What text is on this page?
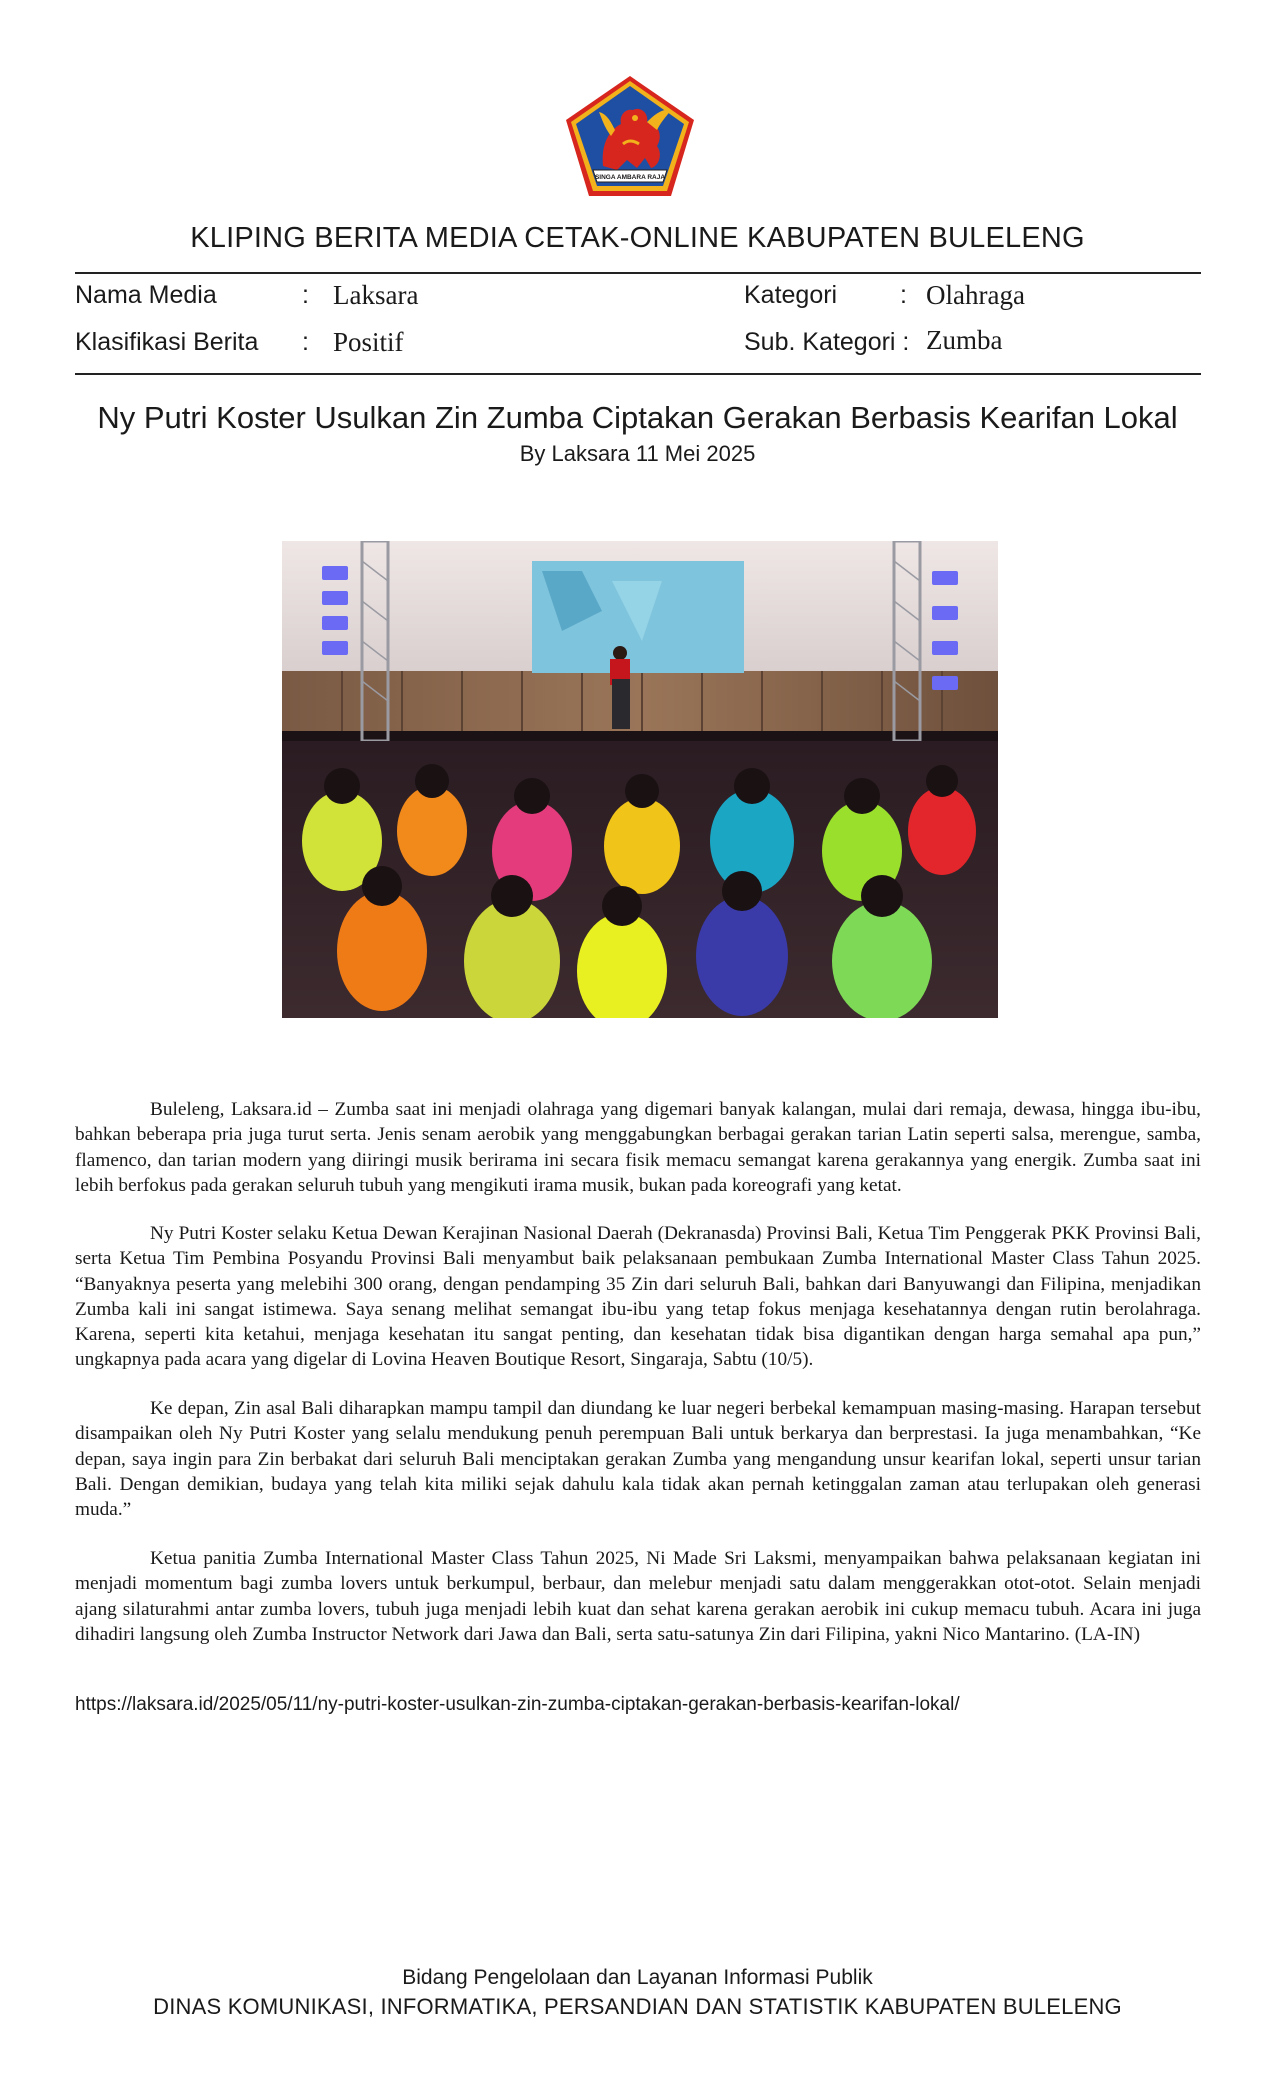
SINGA AMBARA RAJA
KLIPING BERITA MEDIA CETAK-ONLINE KABUPATEN BULELENG
Nama Media	: Laksara
Klasifikasi Berita : Positif
Kategori	: Olahraga
Sub. Kategori : Zumba
Ny Putri Koster Usulkan Zin Zumba Ciptakan Gerakan Berbasis Kearifan Lokal
By Laksara 11 Mei 2025

Buleleng, Laksara.id – Zumba saat ini menjadi olahraga yang digemari banyak kalangan, mulai dari remaja, dewasa, hingga ibu-ibu, bahkan beberapa pria juga turut serta. Jenis senam aerobik yang menggabungkan berbagai gerakan tarian Latin seperti salsa, merengue, samba, flamenco, dan tarian modern yang diiringi musik berirama ini secara fisik memacu semangat karena gerakannya yang energik. Zumba saat ini lebih berfokus pada gerakan seluruh tubuh yang mengikuti irama musik, bukan pada koreografi yang ketat.

Ny Putri Koster selaku Ketua Dewan Kerajinan Nasional Daerah (Dekranasda) Provinsi Bali, Ketua Tim Penggerak PKK Provinsi Bali, serta Ketua Tim Pembina Posyandu Provinsi Bali menyambut baik pelaksanaan pembukaan Zumba International Master Class Tahun 2025. “Banyaknya peserta yang melebihi 300 orang, dengan pendamping 35 Zin dari seluruh Bali, bahkan dari Banyuwangi dan Filipina, menjadikan Zumba kali ini sangat istimewa. Saya senang melihat semangat ibu-ibu yang tetap fokus menjaga kesehatannya dengan rutin berolahraga. Karena, seperti kita ketahui, menjaga kesehatan itu sangat penting, dan kesehatan tidak bisa digantikan dengan harga semahal apa pun,” ungkapnya pada acara yang digelar di Lovina Heaven Boutique Resort, Singaraja, Sabtu (10/5).

Ke depan, Zin asal Bali diharapkan mampu tampil dan diundang ke luar negeri berbekal kemampuan masing-masing. Harapan tersebut disampaikan oleh Ny Putri Koster yang selalu mendukung penuh perempuan Bali untuk berkarya dan berprestasi. Ia juga menambahkan, “Ke depan, saya ingin para Zin berbakat dari seluruh Bali menciptakan gerakan Zumba yang mengandung unsur kearifan lokal, seperti unsur tarian Bali. Dengan demikian, budaya yang telah kita miliki sejak dahulu kala tidak akan pernah ketinggalan zaman atau terlupakan oleh generasi muda.”

Ketua panitia Zumba International Master Class Tahun 2025, Ni Made Sri Laksmi, menyampaikan bahwa pelaksanaan kegiatan ini menjadi momentum bagi zumba lovers untuk berkumpul, berbaur, dan melebur menjadi satu dalam menggerakkan otot-otot. Selain menjadi ajang silaturahmi antar zumba lovers, tubuh juga menjadi lebih kuat dan sehat karena gerakan aerobik ini cukup memacu tubuh. Acara ini juga dihadiri langsung oleh Zumba Instructor Network dari Jawa dan Bali, serta satu-satunya Zin dari Filipina, yakni Nico Mantarino. (LA-IN)

https://laksara.id/2025/05/11/ny-putri-koster-usulkan-zin-zumba-ciptakan-gerakan-berbasis-kearifan-lokal/
Bidang Pengelolaan dan Layanan Informasi Publik
DINAS KOMUNIKASI, INFORMATIKA, PERSANDIAN DAN STATISTIK KABUPATEN BULELENG
